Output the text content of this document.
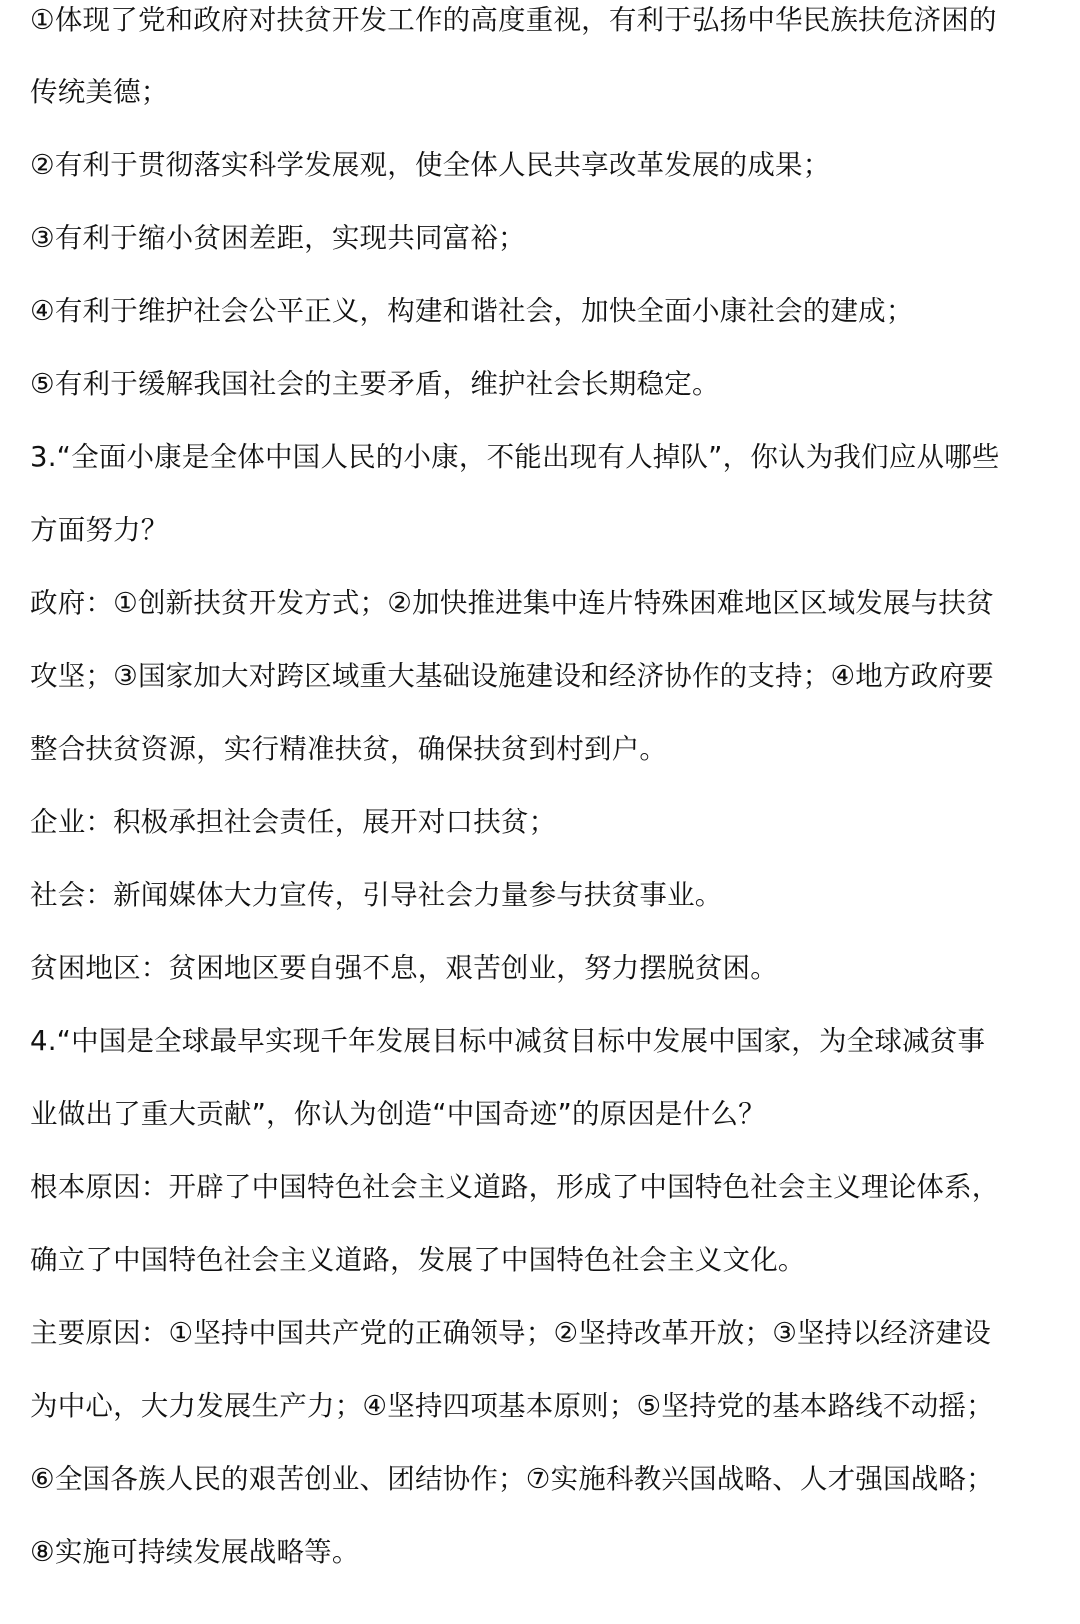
①体现了党和政府对扶贫开发工作的高度重视，有利于弘扬中华民族扶危济困的
传统美德；
②有利于贯彻落实科学发展观，使全体人民共享改革发展的成果；
③有利于缩小贫困差距，实现共同富裕；
④有利于维护社会公平正义，构建和谐社会，加快全面小康社会的建成；
⑤有利于缓解我国社会的主要矛盾，维护社会长期稳定。
3.“全面小康是全体中国人民的小康，不能出现有人掉队”，你认为我们应从哪些
方面努力？
政府：①创新扶贫开发方式；②加快推进集中连片特殊困难地区区域发展与扶贫
攻坚；③国家加大对跨区域重大基础设施建设和经济协作的支持；④地方政府要
整合扶贫资源，实行精准扶贫，确保扶贫到村到户。
企业：积极承担社会责任，展开对口扶贫；
社会：新闻媒体大力宣传，引导社会力量参与扶贫事业。
贫困地区：贫困地区要自强不息，艰苦创业，努力摆脱贫困。
4.“中国是全球最早实现千年发展目标中减贫目标中发展中国家，为全球减贫事
业做出了重大贡献”，你认为创造“中国奇迹”的原因是什么？
根本原因：开辟了中国特色社会主义道路，形成了中国特色社会主义理论体系，
确立了中国特色社会主义道路，发展了中国特色社会主义文化。
主要原因：①坚持中国共产党的正确领导；②坚持改革开放；③坚持以经济建设
为中心，大力发展生产力；④坚持四项基本原则；⑤坚持党的基本路线不动摇；
⑥全国各族人民的艰苦创业、团结协作；⑦实施科教兴国战略、人才强国战略；
⑧实施可持续发展战略等。
